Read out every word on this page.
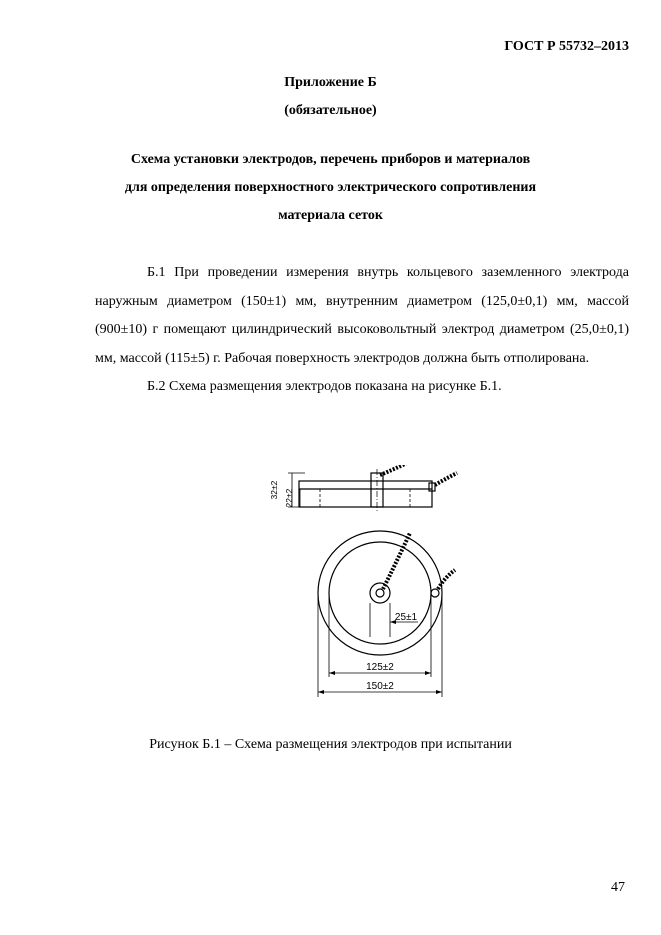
ГОСТ Р 55732–2013
Приложение Б
(обязательное)
Схема установки электродов, перечень приборов и материалов
для определения поверхностного электрического сопротивления
материала сеток

Б.1 При проведении измерения внутрь кольцевого заземленного электрода наружным диаметром (150±1) мм, внутренним диаметром (125,0±0,1) мм, массой (900±10) г помещают цилиндрический высоковольтный электрод диаметром (25,0±0,1) мм, массой (115±5) г. Рабочая поверхность электродов должна быть отполирована.

Б.2 Схема размещения электродов показана на рисунке Б.1.

32±2 22±2
25±1
125±2
150±2
Рисунок Б.1 – Схема размещения электродов при испытании
47
